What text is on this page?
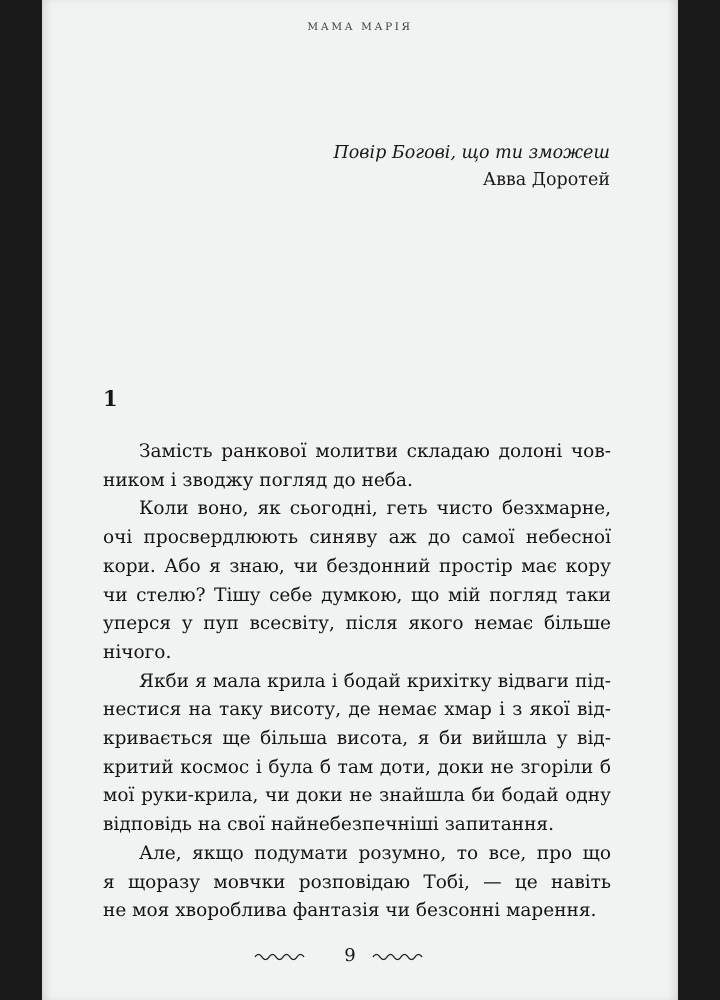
МАМА МАРІЯ
Повір Богові, що ти зможеш
Авва Доротей
1
Замість ранкової молитви складаю долоні чов-
ником і зводжу погляд до неба.
Коли воно, як сьогодні, геть чисто безхмарне,
очі просвердлюють синяву аж до самої небесної
кори. Або я знаю, чи бездонний простір має кору
чи стелю? Тішу себе думкою, що мій погляд таки
уперся у пуп всесвіту, після якого немає більше
нічого.
Якби я мала крила і бодай крихітку відваги під-
нестися на таку висоту, де немає хмар і з якої від-
кривається ще більша висота, я би вийшла у від-
критий космос і була б там доти, доки не згоріли б
мої руки-крила, чи доки не знайшла би бодай одну
відповідь на свої найнебезпечніші запитання.
Але, якщо подумати розумно, то все, про що
я щоразу мовчки розповідаю Тобі, — це навіть
не моя хвороблива фантазія чи безсонні марення.
9
